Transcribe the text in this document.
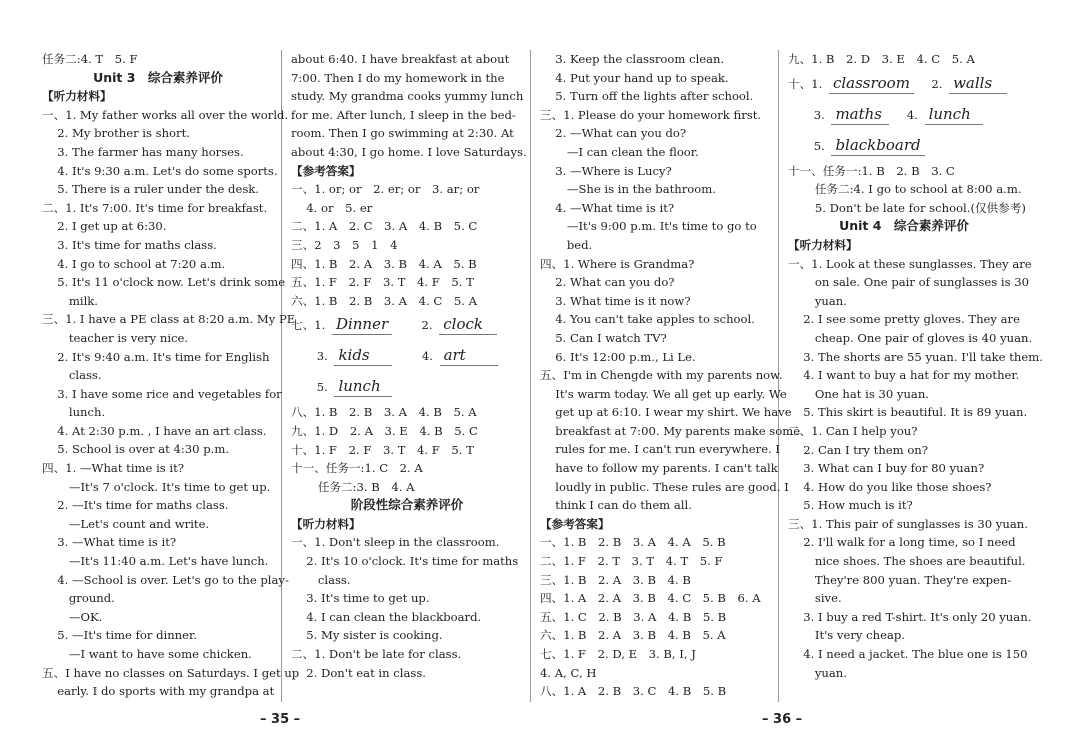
任务二:4. T　5. F
Unit 3　综合素养评价
【听力材料】
一、1. My father works all over the world.
　 2. My brother is short.
　 3. The farmer has many horses.
　 4. It's 9:30 a.m. Let's do some sports.
　 5. There is a ruler under the desk.
二、1. It's 7:00. It's time for breakfast.
　 2. I get up at 6:30.
　 3. It's time for maths class.
　 4. I go to school at 7:20 a.m.
　 5. It's 11 o'clock now. Let's drink some
　　 milk.
三、1. I have a PE class at 8:20 a.m. My PE
　　 teacher is very nice.
　 2. It's 9:40 a.m. It's time for English
　　 class.
　 3. I have some rice and vegetables for
　　 lunch.
　 4. At 2:30 p.m. , I have an art class.
　 5. School is over at 4:30 p.m.
四、1. —What time is it?
　　 —It's 7 o'clock. It's time to get up.
　 2. —It's time for maths class.
　　 —Let's count and write.
　 3. —What time is it?
　　 —It's 11:40 a.m. Let's have lunch.
　 4. —School is over. Let's go to the play-
　　 ground.
　　 —OK.
　 5. —It's time for dinner.
　　 —I want to have some chicken.
五、I have no classes on Saturdays. I get up
　 early. I do sports with my grandpa at
about 6:40. I have breakfast at about
7:00. Then I do my homework in the
study. My grandma cooks yummy lunch
for me. After lunch, I sleep in the bed-
room. Then I go swimming at 2:30. At
about 4:30, I go home. I love Saturdays.
【参考答案】
一、1. or; or　2. er; or　3. ar; or
　 4. or　5. er
二、1. A　2. C　3. A　4. B　5. C
三、2　3　5　1　4
四、1. B　2. A　3. B　4. A　5. B
五、1. F　2. F　3. T　4. F　5. T
六、1. B　2. B　3. A　4. C　5. A
七、1. Dinner	2. clock
3. kids	4. art
5. lunch
八、1. B　2. B　3. A　4. B　5. A
九、1. D　2. A　3. E　4. B　5. C
十、1. F　2. F　3. T　4. F　5. T
十一、任务一:1. C　2. A
　　 任务二:3. B　4. A
阶段性综合素养评价
【听力材料】
一、1. Don't sleep in the classroom.
　 2. It's 10 o'clock. It's time for maths
　　 class.
　 3. It's time to get up.
　 4. I can clean the blackboard.
　 5. My sister is cooking.
二、1. Don't be late for class.
　 2. Don't eat in class.
　 3. Keep the classroom clean.
　 4. Put your hand up to speak.
　 5. Turn off the lights after school.
三、1. Please do your homework first.
　 2. —What can you do?
　　 —I can clean the floor.
　 3. —Where is Lucy?
　　 —She is in the bathroom.
　 4. —What time is it?
　　 —It's 9:00 p.m. It's time to go to
　　 bed.
四、1. Where is Grandma?
　 2. What can you do?
　 3. What time is it now?
　 4. You can't take apples to school.
　 5. Can I watch TV?
　 6. It's 12:00 p.m., Li Le.
五、I'm in Chengde with my parents now.
　 It's warm today. We all get up early. We
　 get up at 6:10. I wear my shirt. We have
　 breakfast at 7:00. My parents make some
　 rules for me. I can't run everywhere. I
　 have to follow my parents. I can't talk
　 loudly in public. These rules are good. I
　 think I can do them all.
【参考答案】
一、1. B　2. B　3. A　4. A　5. B
二、1. F　2. T　3. T　4. T　5. F
三、1. B　2. A　3. B　4. B
四、1. A　2. A　3. B　4. C　5. B　6. A
五、1. C　2. B　3. A　4. B　5. B
六、1. B　2. A　3. B　4. B　5. A
七、1. F　2. D, E　3. B, I, J
4. A, C, H
八、1. A　2. B　3. C　4. B　5. B
九、1. B　2. D　3. E　4. C　5. A
十、1. classroom 2. walls
3. maths 4. lunch
5. blackboard
十一、任务一:1. B　2. B　3. C
　　 任务二:4. I go to school at 8:00 a.m.
　　 5. Don't be late for school.(仅供参考)
Unit 4　综合素养评价
【听力材料】
一、1. Look at these sunglasses. They are
　　 on sale. One pair of sunglasses is 30
　　 yuan.
　 2. I see some pretty gloves. They are
　　 cheap. One pair of gloves is 40 yuan.
　 3. The shorts are 55 yuan. I'll take them.
　 4. I want to buy a hat for my mother.
　　 One hat is 30 yuan.
　 5. This skirt is beautiful. It is 89 yuan.
二、1. Can I help you?
　 2. Can I try them on?
　 3. What can I buy for 80 yuan?
　 4. How do you like those shoes?
　 5. How much is it?
三、1. This pair of sunglasses is 30 yuan.
　 2. I'll walk for a long time, so I need
　　 nice shoes. The shoes are beautiful.
　　 They're 800 yuan. They're expen-
　　 sive.
　 3. I buy a red T-shirt. It's only 20 yuan.
　　 It's very cheap.
　 4. I need a jacket. The blue one is 150
　　 yuan.
– 35 –	– 36 –
